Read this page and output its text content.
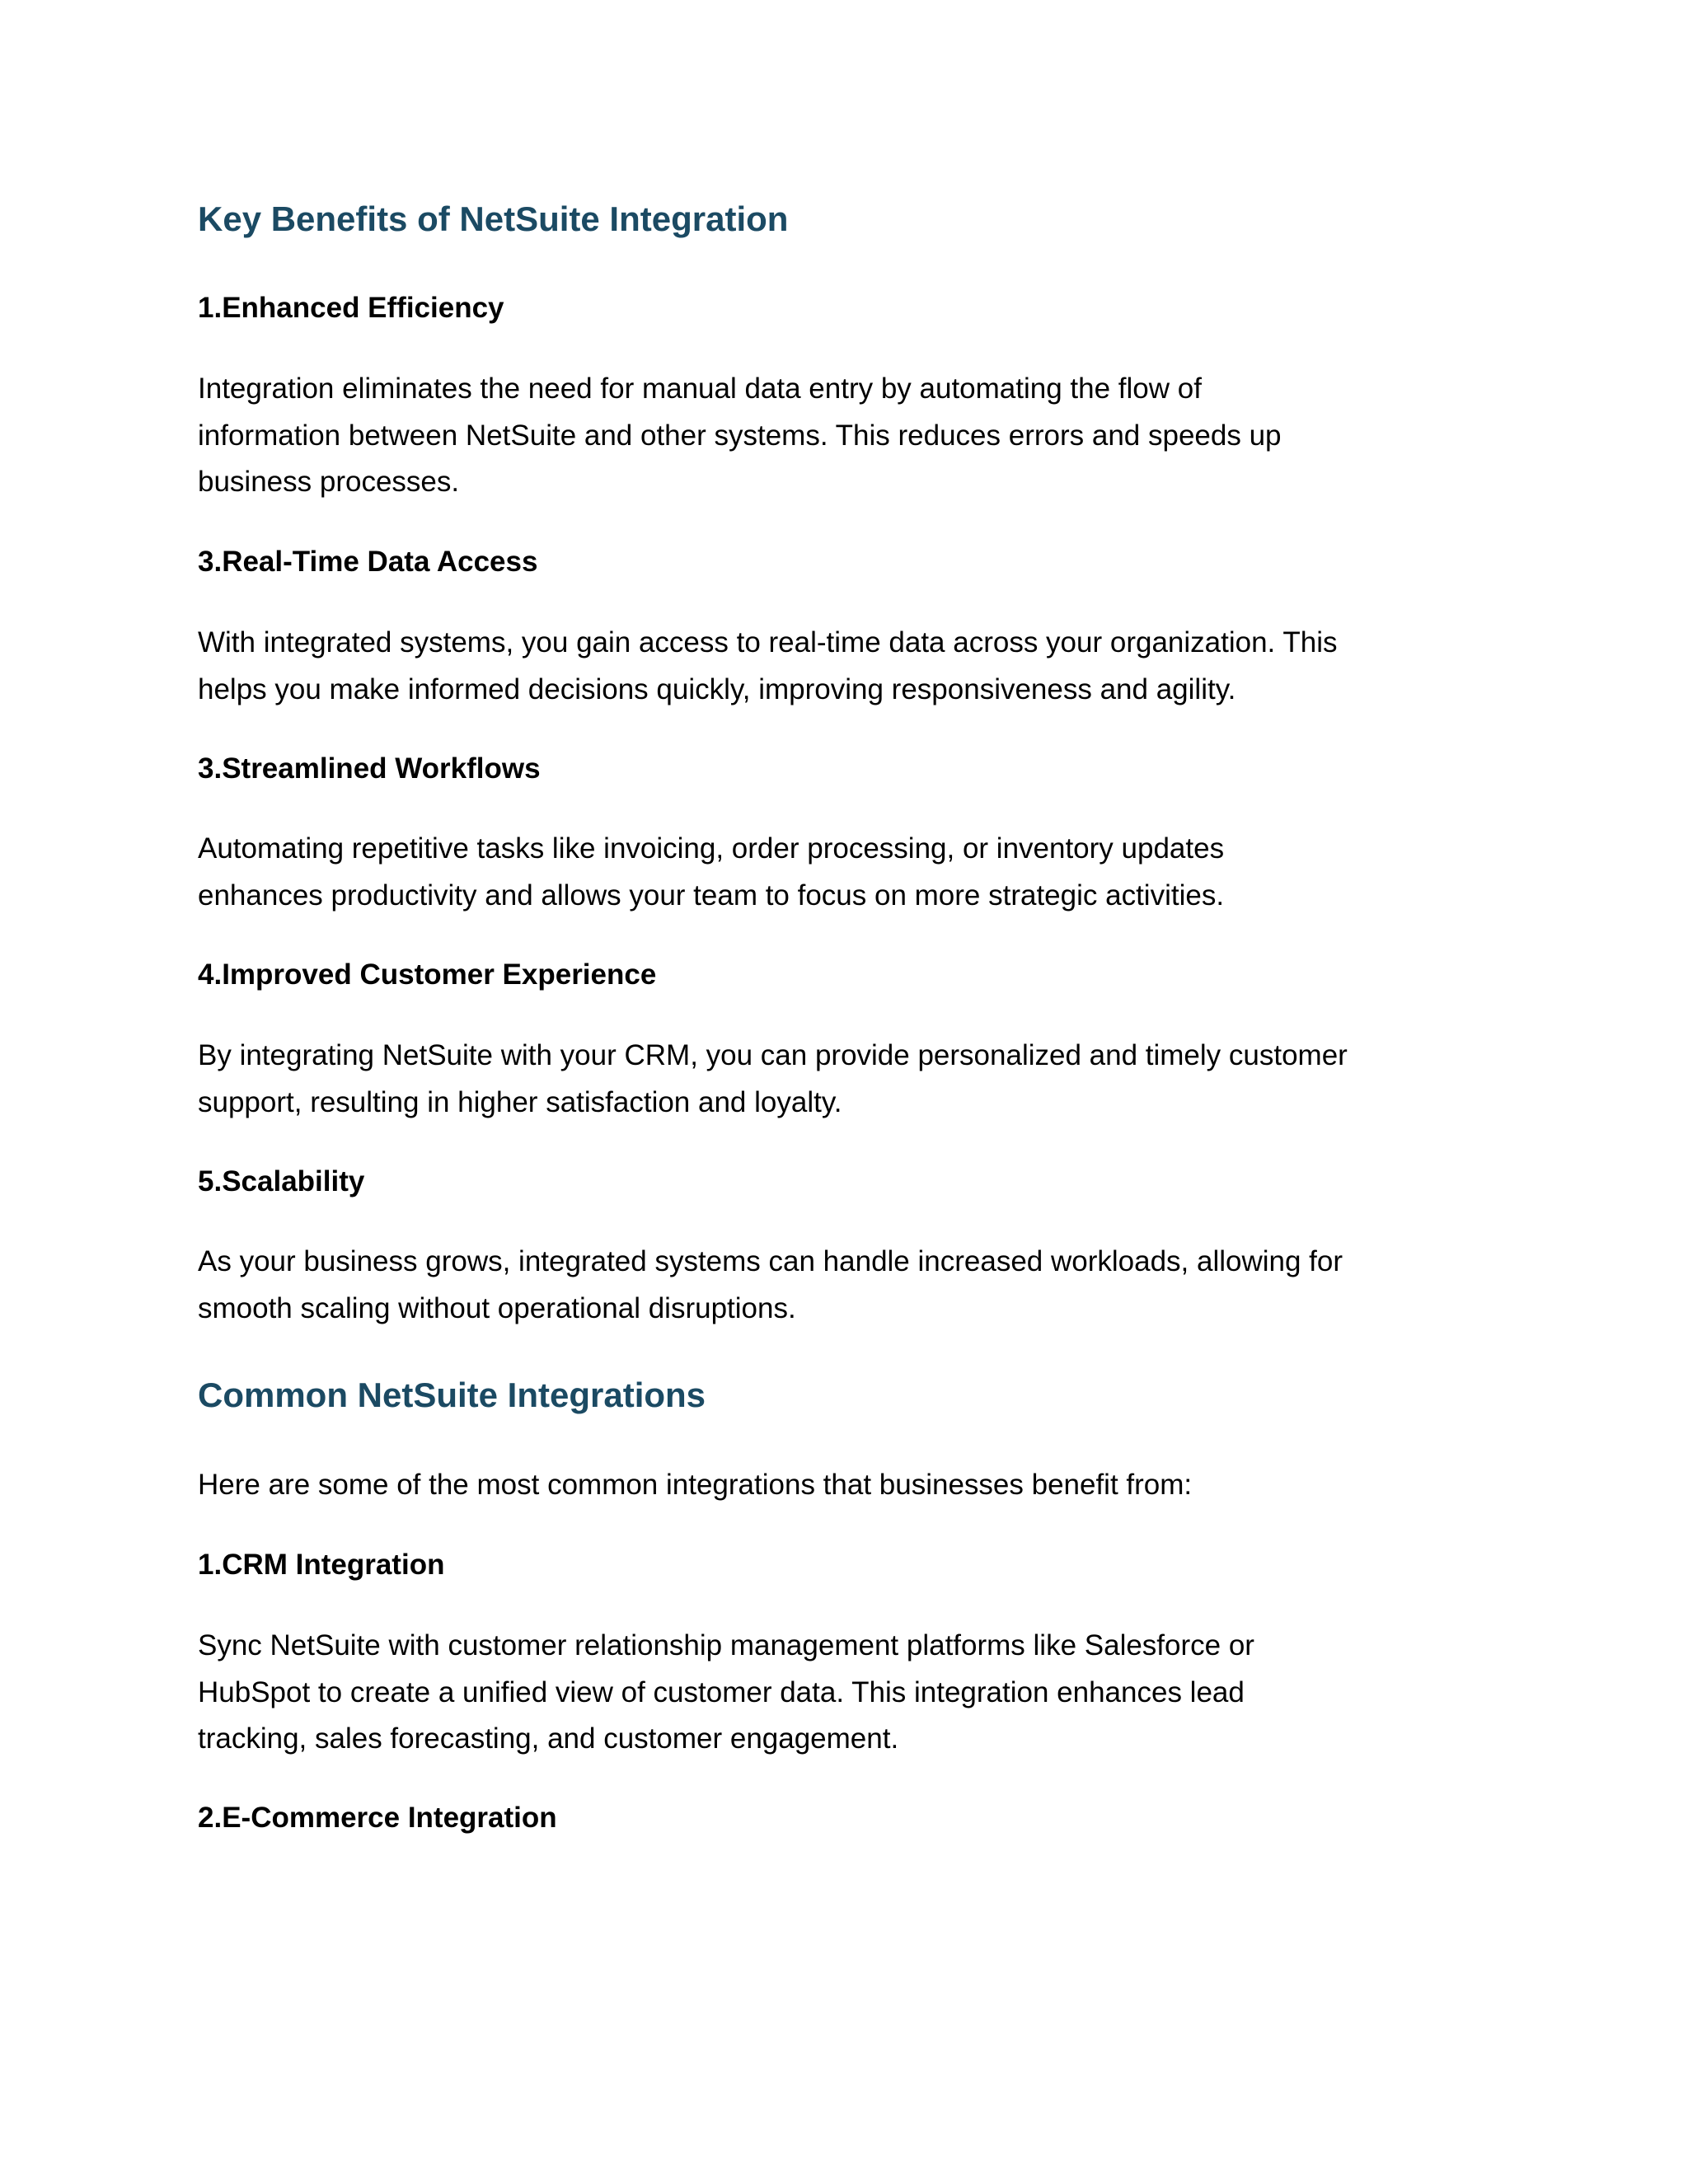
Key Benefits of NetSuite Integration
1.Enhanced Efficiency

Integration eliminates the need for manual data entry by automating the flow of
information between NetSuite and other systems. This reduces errors and speeds up
business processes.

3.Real-Time Data Access

With integrated systems, you gain access to real-time data across your organization. This
helps you make informed decisions quickly, improving responsiveness and agility.

3.Streamlined Workflows

Automating repetitive tasks like invoicing, order processing, or inventory updates
enhances productivity and allows your team to focus on more strategic activities.

4.Improved Customer Experience

By integrating NetSuite with your CRM, you can provide personalized and timely customer
support, resulting in higher satisfaction and loyalty.

5.Scalability

As your business grows, integrated systems can handle increased workloads, allowing for
smooth scaling without operational disruptions.

Common NetSuite Integrations

Here are some of the most common integrations that businesses benefit from:

1.CRM Integration

Sync NetSuite with customer relationship management platforms like Salesforce or
HubSpot to create a unified view of customer data. This integration enhances lead
tracking, sales forecasting, and customer engagement.

2.E-Commerce Integration
